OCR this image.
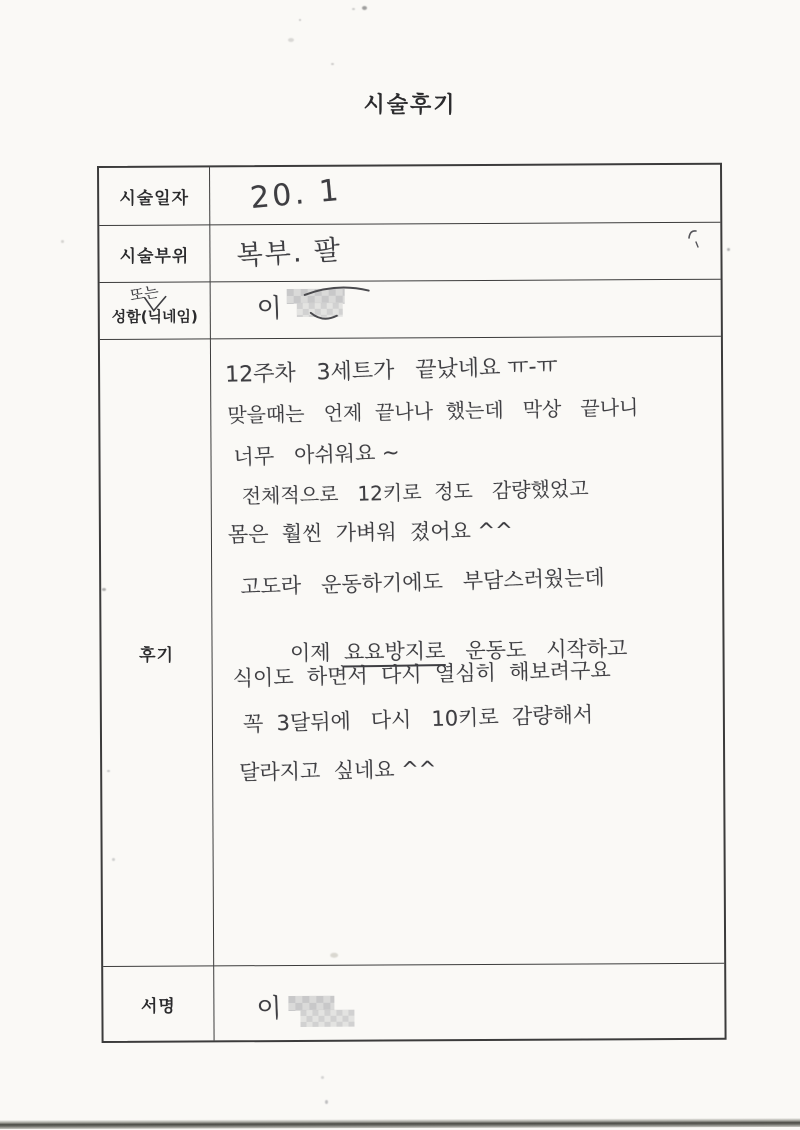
시술후기
시술일자 20. 1
시술부위 복부. 팔
또는
성함(닉네임) 이
후기
12주차   3세트가   끝났네요 ㅠ-ㅠ
맞을때는   언제  끝나나  했는데   막상   끝나니
너무   아쉬워요 ~
전체적으로   12키로  정도   감량했었고
몸은  훨씬  가벼워  졌어요 ^^
고도라   운동하기에도   부담스러웠는데

이제  요요방지로   운동도   시작하고

식이도  하면서  다시  열심히  해보려구요
꼭  3달뒤에   다시   10키로  감량해서
달라지고  싶네요 ^^
서명	이
